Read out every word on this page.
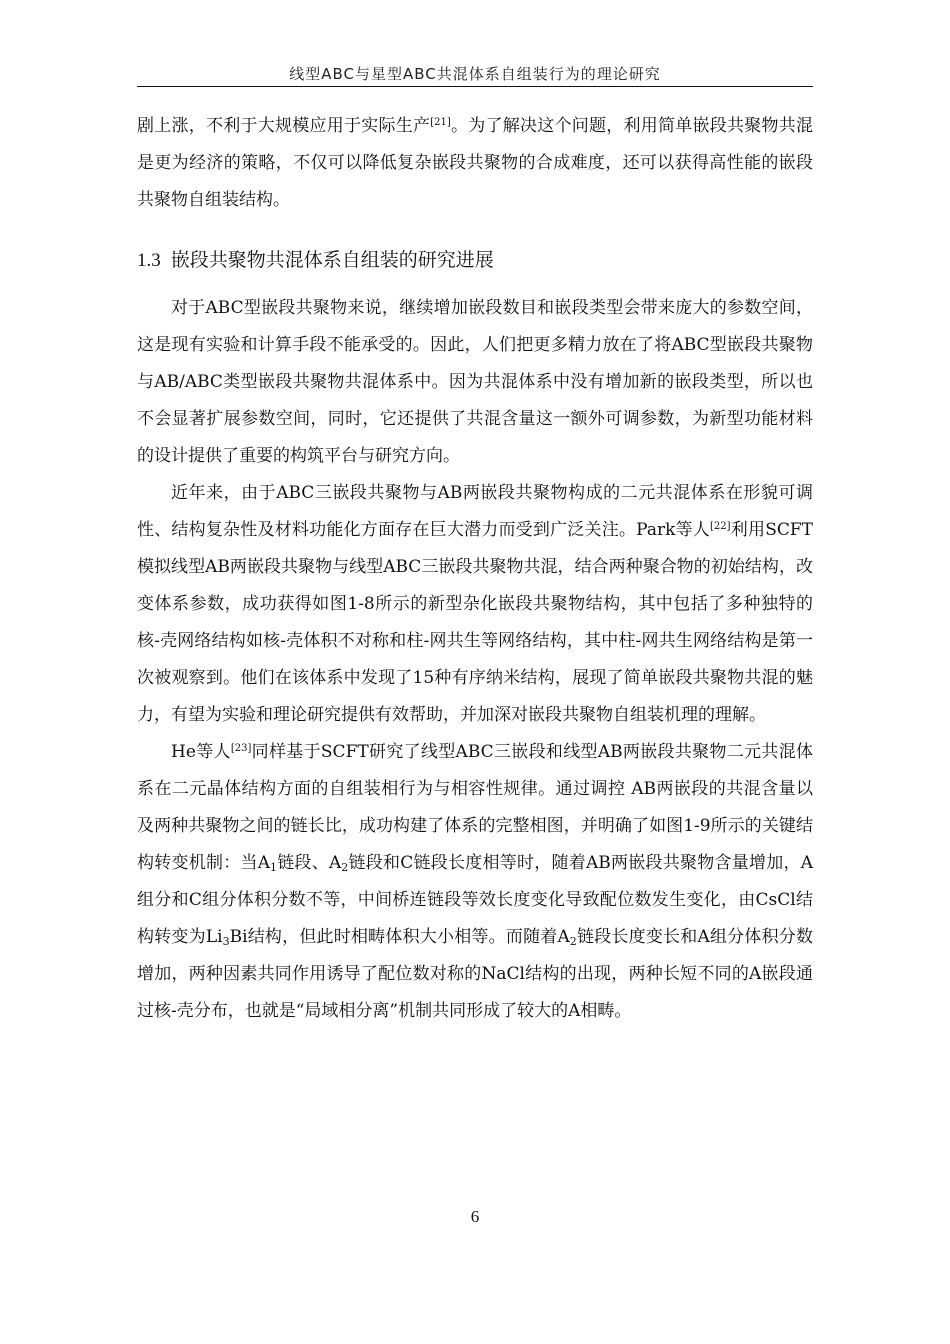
线型ABC与星型ABC共混体系自组装行为的理论研究

剧上涨，不利于大规模应用于实际生产[21]。为了解决这个问题，利用简单嵌段共聚物共混是更为经济的策略，不仅可以降低复杂嵌段共聚物的合成难度，还可以获得高性能的嵌段共聚物自组装结构。

1.3 嵌段共聚物共混体系自组装的研究进展

对于ABC型嵌段共聚物来说，继续增加嵌段数目和嵌段类型会带来庞大的参数空间，这是现有实验和计算手段不能承受的。因此，人们把更多精力放在了将ABC型嵌段共聚物与AB/ABC类型嵌段共聚物共混体系中。因为共混体系中没有增加新的嵌段类型，所以也不会显著扩展参数空间，同时，它还提供了共混含量这一额外可调参数，为新型功能材料的设计提供了重要的构筑平台与研究方向。

近年来，由于ABC三嵌段共聚物与AB两嵌段共聚物构成的二元共混体系在形貌可调性、结构复杂性及材料功能化方面存在巨大潜力而受到广泛关注。Park等人[22]利用SCFT模拟线型AB两嵌段共聚物与线型ABC三嵌段共聚物共混，结合两种聚合物的初始结构，改变体系参数，成功获得如图1-8所示的新型杂化嵌段共聚物结构，其中包括了多种独特的核-壳网络结构如核-壳体积不对称和柱-网共生等网络结构，其中柱-网共生网络结构是第一次被观察到。他们在该体系中发现了15种有序纳米结构，展现了简单嵌段共聚物共混的魅力，有望为实验和理论研究提供有效帮助，并加深对嵌段共聚物自组装机理的理解。

He等人[23]同样基于SCFT研究了线型ABC三嵌段和线型AB两嵌段共聚物二元共混体系在二元晶体结构方面的自组装相行为与相容性规律。通过调控 AB两嵌段的共混含量以及两种共聚物之间的链长比，成功构建了体系的完整相图，并明确了如图1-9所示的关键结构转变机制：当$A_1$链段、$A_2$链段和C链段长度相等时，随着AB两嵌段共聚物含量增加，A组分和C组分体积分数不等，中间桥连链段等效长度变化导致配位数发生变化，由CsCl结构转变为$Li_3Bi$结构，但此时相畴体积大小相等。而随着$A_2$链段长度变长和A组分体积分数增加，两种因素共同作用诱导了配位数对称的NaCl结构的出现，两种长短不同的A嵌段通过核-壳分布，也就是“局域相分离”机制共同形成了较大的A相畴。

6
